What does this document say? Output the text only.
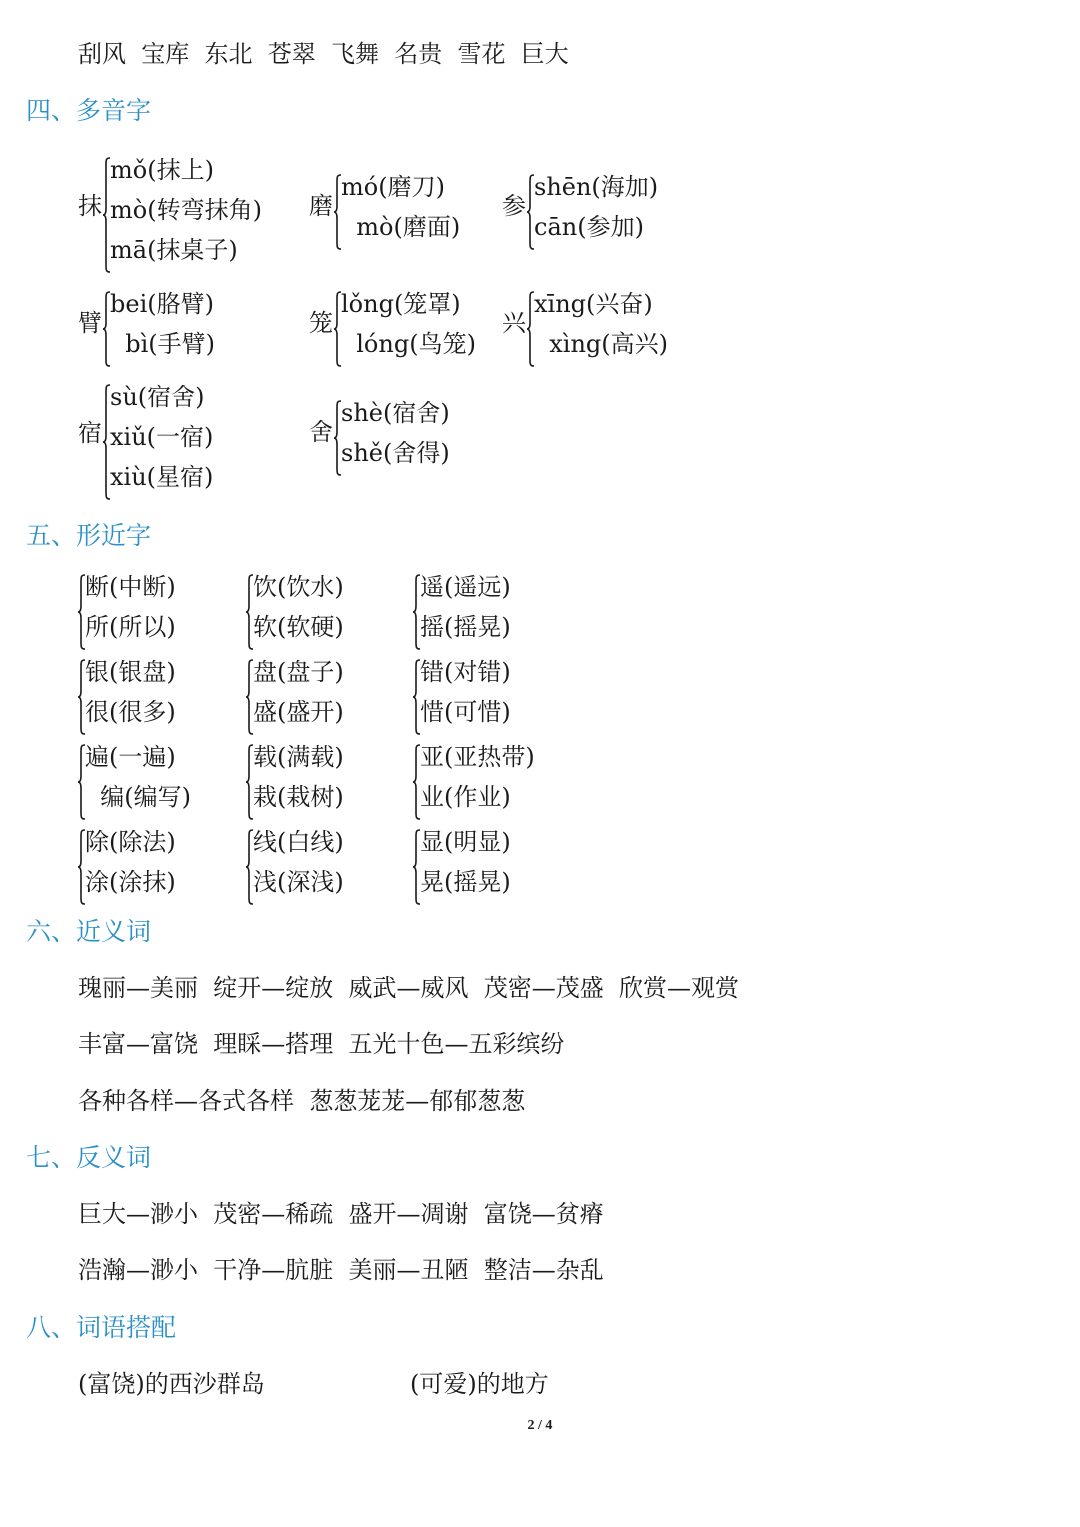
刮风  宝库  东北  苍翠  飞舞  名贵  雪花  巨大
四、多音字
抹
mǒ(抹上)
mò(转弯抹角)
mā(抹桌子)
磨
mó(磨刀)
mò(磨面)
参
shēn(海加)
cān(参加)
臂
bei(胳臂)
bì(手臂)
笼
lǒng(笼罩)
lóng(鸟笼)
兴
xīng(兴奋)
xìng(高兴)
宿
sù(宿舍)
xiǔ(一宿)
xiù(星宿)
舍
shè(宿舍)
shě(舍得)
五、形近字
断(中断)
所(所以)
饮(饮水)
软(软硬)
遥(遥远)
摇(摇晃)
银(银盘)
很(很多)
盘(盘子)
盛(盛开)
错(对错)
惜(可惜)
遍(一遍)
编(编写)
载(满载)
栽(栽树)
亚(亚热带)
业(作业)
除(除法)
涂(涂抹)
线(白线)
浅(深浅)
显(明显)
晃(摇晃)
六、近义词
瑰丽—美丽  绽开—绽放  威武—威风  茂密—茂盛  欣赏—观赏
丰富—富饶  理睬—搭理  五光十色—五彩缤纷
各种各样—各式各样  葱葱茏茏—郁郁葱葱
七、反义词
巨大—渺小  茂密—稀疏  盛开—凋谢  富饶—贫瘠
浩瀚—渺小  干净—肮脏  美丽—丑陋  整洁—杂乱
八、词语搭配
(富饶)的西沙群岛	(可爱)的地方
2 / 4
